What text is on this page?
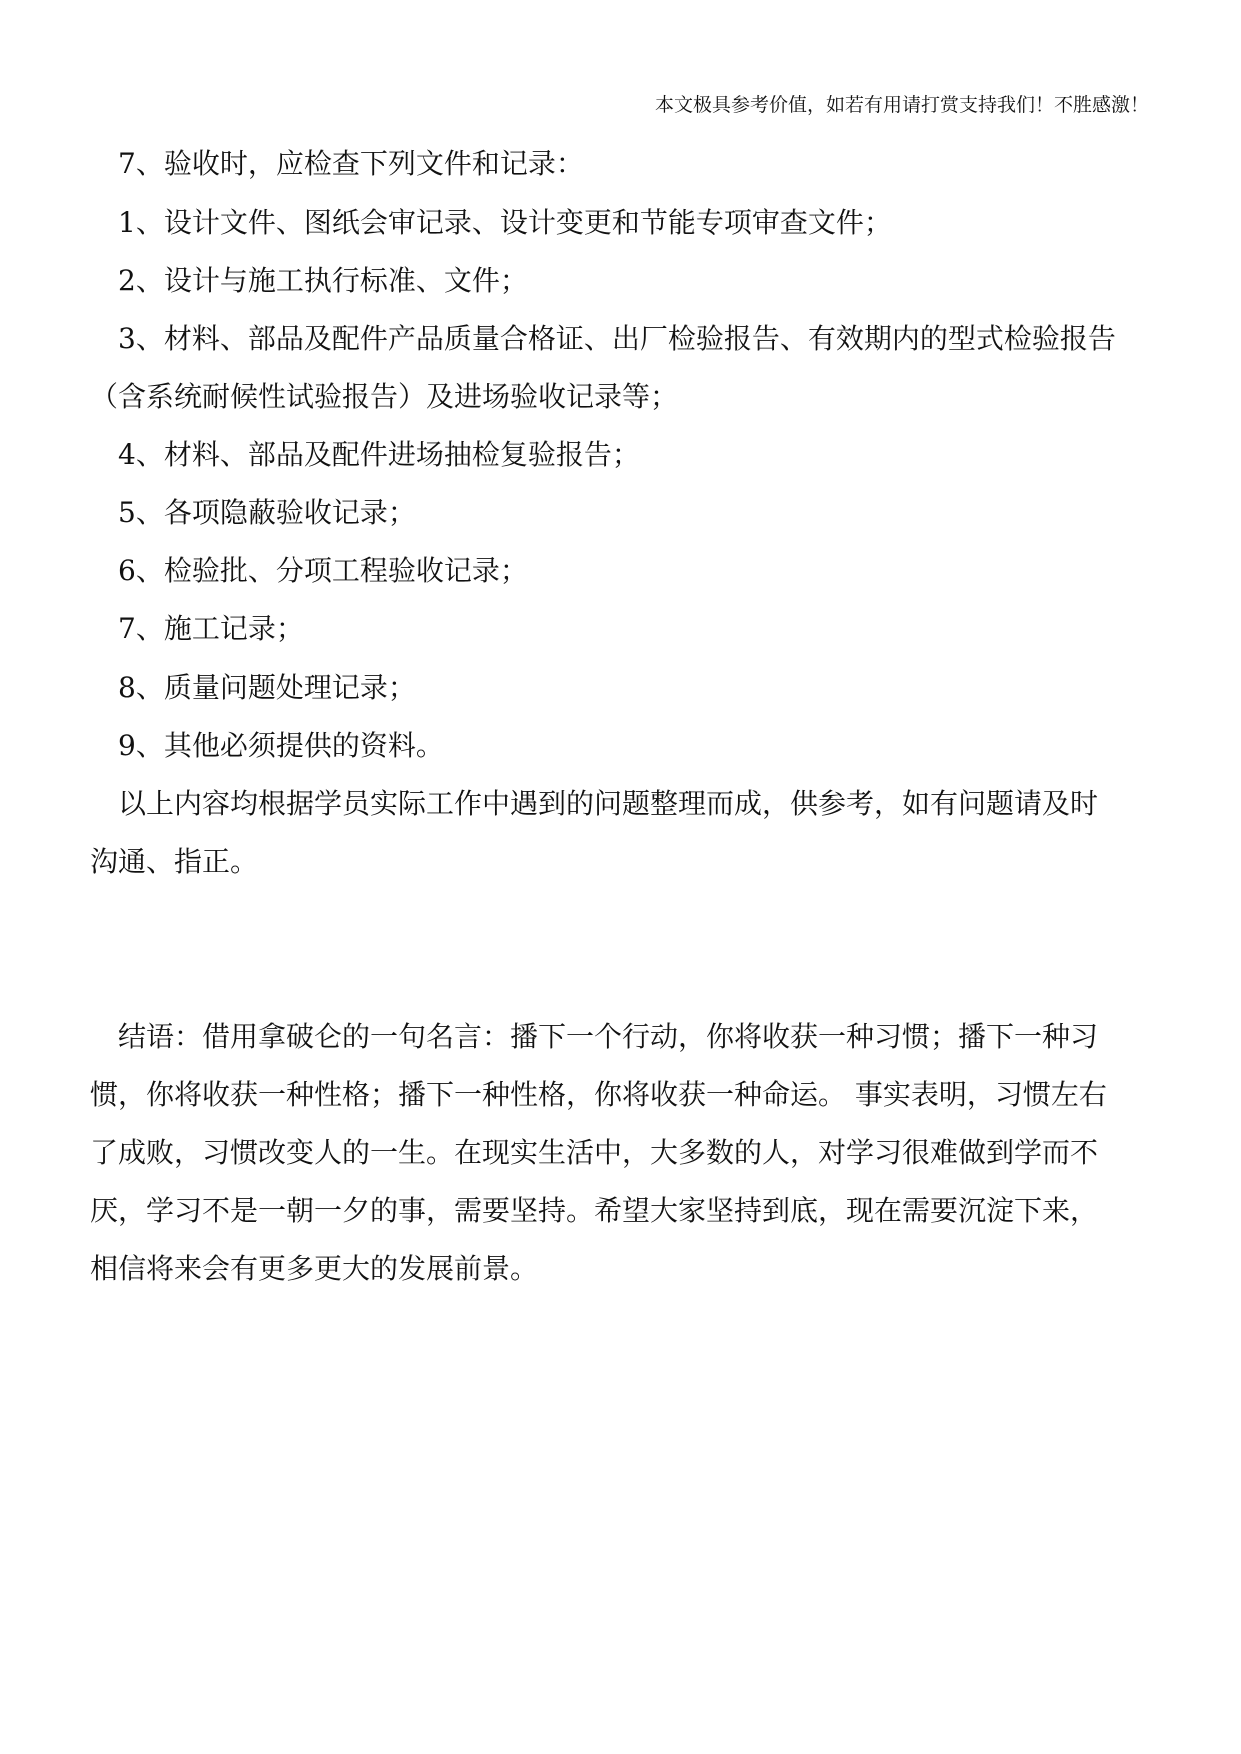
本文极具参考价值，如若有用请打赏支持我们！不胜感激！
7、验收时，应检查下列文件和记录：
1、设计文件、图纸会审记录、设计变更和节能专项审查文件；
2、设计与施工执行标准、文件；
3、材料、部品及配件产品质量合格证、出厂检验报告、有效期内的型式检验报告
（含系统耐候性试验报告）及进场验收记录等；
4、材料、部品及配件进场抽检复验报告；
5、各项隐蔽验收记录；
6、检验批、分项工程验收记录；
7、施工记录；
8、质量问题处理记录；
9、其他必须提供的资料。
以上内容均根据学员实际工作中遇到的问题整理而成，供参考，如有问题请及时
沟通、指正。
结语：借用拿破仑的一句名言：播下一个行动，你将收获一种习惯；播下一种习
惯，你将收获一种性格；播下一种性格，你将收获一种命运。 事实表明，习惯左右
了成败，习惯改变人的一生。在现实生活中，大多数的人，对学习很难做到学而不
厌，学习不是一朝一夕的事，需要坚持。希望大家坚持到底，现在需要沉淀下来，
相信将来会有更多更大的发展前景。
